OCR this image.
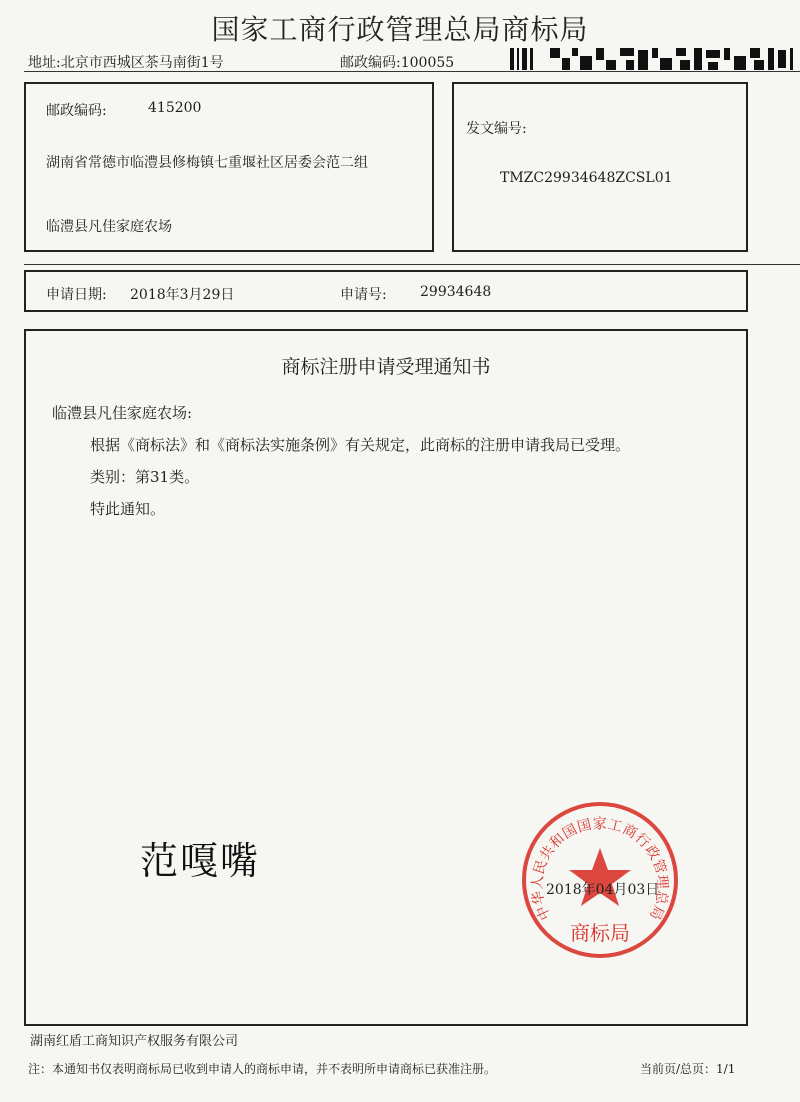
国家工商行政管理总局商标局
地址:北京市西城区茶马南街1号	邮政编码:100055
邮政编码:	415200
湖南省常德市临澧县修梅镇七重堰社区居委会范二组
临澧县凡佳家庭农场
发文编号:
TMZC29934648ZCSL01
申请日期: 2018年3月29日	申请号: 29934648
商标注册申请受理通知书
临澧县凡佳家庭农场:
根据《商标法》和《商标法实施条例》有关规定，此商标的注册申请我局已受理。
类别：第31类。
特此通知。
范嘎嘴
中华人民共和国国家工商行政管理总局
商标局
2018年04月03日
湖南红盾工商知识产权服务有限公司
注：本通知书仅表明商标局已收到申请人的商标申请，并不表明所申请商标已获准注册。	当前页/总页：1/1
